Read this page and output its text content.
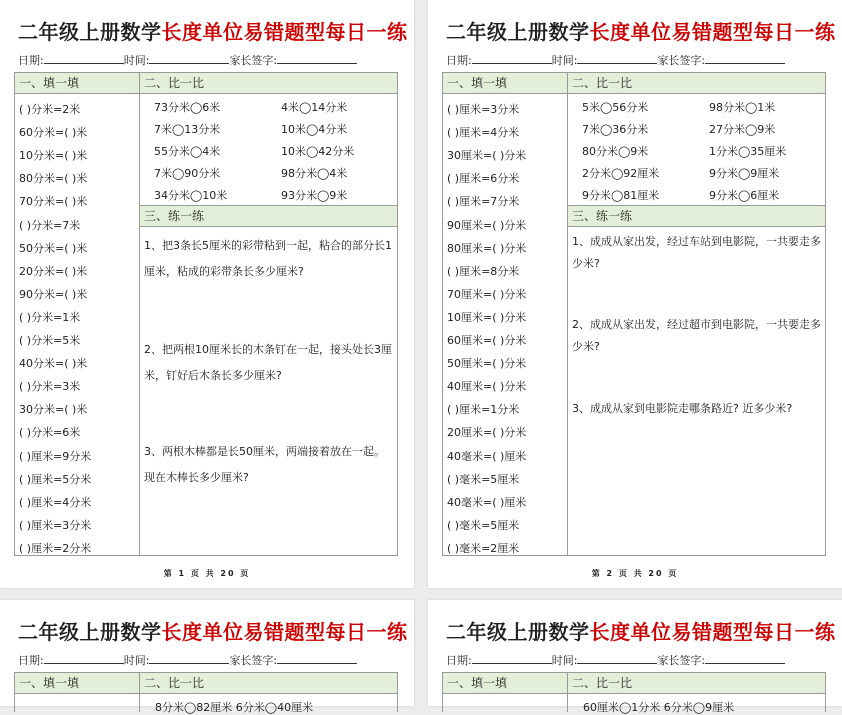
二年级上册数学长度单位易错题型每日一练
日期:	时间:	家长签字:
一、填一填
( )分米=2米
60分米=( )米
10分米=( )米
80分米=( )米
70分米=( )米
( )分米=7米
50分米=( )米
20分米=( )米
90分米=( )米
( )分米=1米
( )分米=5米
40分米=( )米
( )分米=3米
30分米=( )米
( )分米=6米
( )厘米=9分米
( )厘米=5分米
( )厘米=4分米
( )厘米=3分米
( )厘米=2分米
二、比一比
73分米◯6米	4米◯14分米
7米◯13分米	10米◯4分米
55分米◯4米	10米◯42分米
7米◯90分米	98分米◯4米
34分米◯10米	93分米◯9米
三、练一练
1、把3条长5厘米的彩带粘到一起，粘合的部分长1厘米，粘成的彩带条长多少厘米?
2、把两根10厘米长的木条钉在一起，接头处长3厘米，钉好后木条长多少厘米?
3、两根木棒都是长50厘米，两端接着放在一起。现在木棒长多少厘米?
第 1 页 共 20 页
二年级上册数学长度单位易错题型每日一练
日期:	时间:	家长签字:
一、填一填
( )厘米=3分米
( )厘米=4分米
30厘米=( )分米
( )厘米=6分米
( )厘米=7分米
90厘米=( )分米
80厘米=( )分米
( )厘米=8分米
70厘米=( )分米
10厘米=( )分米
60厘米=( )分米
50厘米=( )分米
40厘米=( )分米
( )厘米=1分米
20厘米=( )分米
40毫米=( )厘米
( )毫米=5厘米
40毫米=( )厘米
( )毫米=5厘米
( )毫米=2厘米
二、比一比
5米◯56分米	98分米◯1米
7米◯36分米	27分米◯9米
80分米◯9米	1分米◯35厘米
2分米◯92厘米	9分米◯9厘米
9分米◯81厘米	9分米◯6厘米
三、练一练
1、成成从家出发，经过车站到电影院，一共要走多少米?
2、成成从家出发，经过超市到电影院，一共要走多少米?
3、成成从家到电影院走哪条路近? 近多少米?
第 2 页 共 20 页
二年级上册数学长度单位易错题型每日一练
日期:	时间:	家长签字:
一、填一填	二、比一比
8分米◯82厘米 6分米◯40厘米
二年级上册数学长度单位易错题型每日一练
日期:	时间:	家长签字:
一、填一填	二、比一比
60厘米◯1分米 6分米◯9厘米
